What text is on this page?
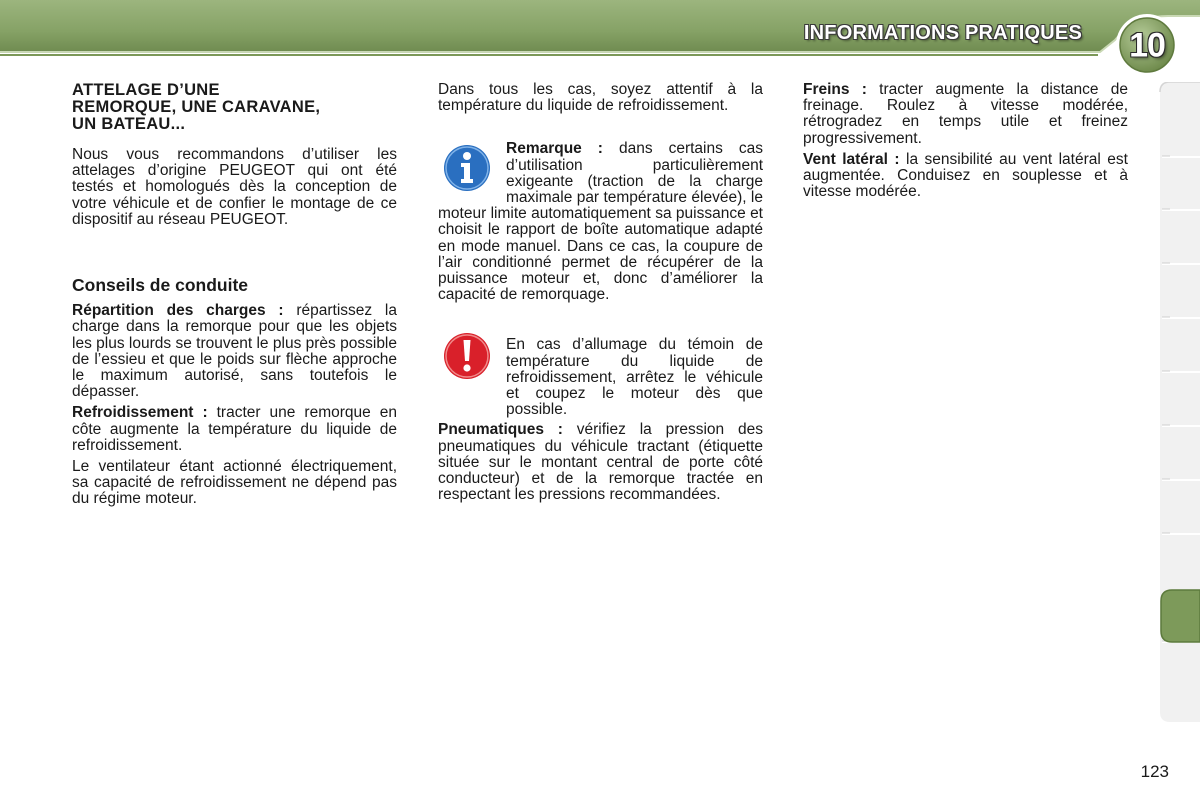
INFORMATIONS PRATIQUES 10
ATTELAGE D’UNE
REMORQUE, UNE CARAVANE,
UN BATEAU...

Nous vous recommandons d’utiliser les attelages d’origine PEUGEOT qui ont été testés et homologués dès la conception de votre véhicule et de confier le montage de ce dispositif au réseau PEUGEOT.

Conseils de conduite

Répartition des charges : répartissez la charge dans la remorque pour que les objets les plus lourds se trouvent le plus près possible de l’essieu et que le poids sur flèche approche le maximum autorisé, sans toutefois le dépasser.

Refroidissement : tracter une remorque en côte augmente la température du liquide de refroidissement.

Le ventilateur étant actionné électriquement, sa capacité de refroidissement ne dépend pas du régime moteur.

Dans tous les cas, soyez attentif à la température du liquide de refroidissement.

Remarque : dans certains cas d’utilisation particulièrement exigeante (traction de la charge maximale par température élevée), le moteur limite automatiquement sa puissance et choisit le rapport de boîte automatique adapté en mode manuel. Dans ce cas, la coupure de l’air conditionné permet de récupérer de la puissance moteur et, donc d’améliorer la capacité de remorquage.

En cas d’allumage du témoin de température du liquide de refroidissement, arrêtez le véhicule et coupez le moteur dès que possible.

Pneumatiques : vérifiez la pression des pneumatiques du véhicule tractant (étiquette située sur le montant central de porte côté conducteur) et de la remorque tractée en respectant les pressions recommandées.

Freins : tracter augmente la distance de freinage. Roulez à vitesse modérée, rétrogradez en temps utile et freinez progressivement.

Vent latéral : la sensibilité au vent latéral est augmentée. Conduisez en souplesse et à vitesse modérée.

123
